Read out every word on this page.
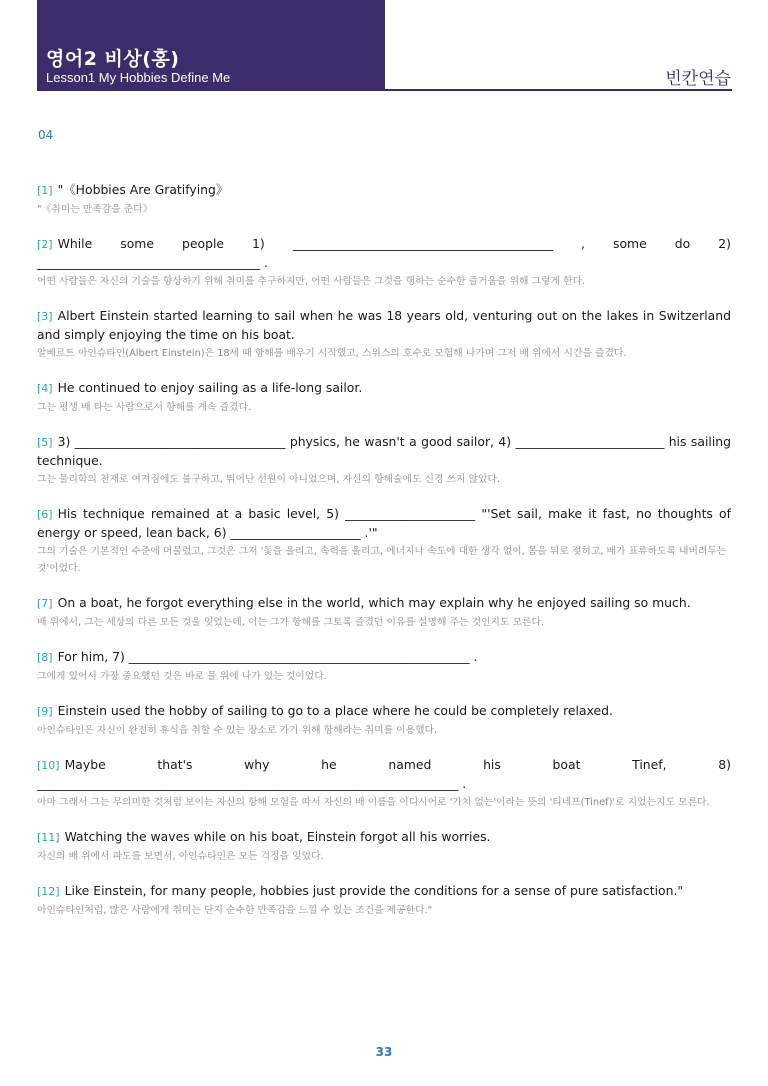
영어2 비상(홍)
Lesson1 My Hobbies Define Me	빈칸연습
04
[1] "《Hobbies Are Gratifying》
"《취미는 만족감을 준다》
[2] While some people 1) __________________________________________ , some do 2) ____________________________________ .
어떤 사람들은 자신의 기술을 향상하기 위해 취미를 추구하지만, 어떤 사람들은 그것을 행하는 순수한 즐거움을 위해 그렇게 한다.
[3] Albert Einstein started learning to sail when he was 18 years old, venturing out on the lakes in Switzerland and simply enjoying the time on his boat.
알베르트 아인슈타인(Albert Einstein)은 18세 때 항해를 배우기 시작했고, 스위스의 호수로 모험해 나가며 그저 배 위에서 시간을 즐겼다.
[4] He continued to enjoy sailing as a life-long sailor.
그는 평생 배 타는 사람으로서 항해를 계속 즐겼다.
[5] 3) __________________________________ physics, he wasn't a good sailor, 4) ________________________ his sailing technique.
그는 물리학의 천재로 여겨짐에도 불구하고, 뛰어난 선원이 아니었으며, 자신의 항해술에도 신경 쓰지 않았다.
[6] His technique remained at a basic level, 5) _____________________ "'Set sail, make it fast, no thoughts of energy or speed, lean back, 6) _____________________ .'"
그의 기술은 기본적인 수준에 머물렀고, 그것은 그저 '돛을 올리고, 속력을 올리고, 에너지나 속도에 대한 생각 없이, 몸을 뒤로 젖히고, 배가 표류하도록 내버려두는 것'이었다.
[7] On a boat, he forgot everything else in the world, which may explain why he enjoyed sailing so much.
배 위에서, 그는 세상의 다른 모든 것을 잊었는데, 이는 그가 항해를 그토록 즐겼던 이유를 설명해 주는 것인지도 모른다.
[8] For him, 7) _______________________________________________________ .
그에게 있어서 가장 중요했던 것은 바로 물 위에 나가 있는 것이었다.
[9] Einstein used the hobby of sailing to go to a place where he could be completely relaxed.
아인슈타인은 자신이 완전히 휴식을 취할 수 있는 장소로 가기 위해 항해라는 취미를 이용했다.
[10] Maybe that's why he named his boat Tinef, 8) ____________________________________________________________________ .
아마 그래서 그는 무의미한 것처럼 보이는 자신의 항해 모험을 따서 자신의 배 이름을 이디시어로 '가치 없는'이라는 뜻의 '티네프(Tinef)'로 지었는지도 모른다.
[11] Watching the waves while on his boat, Einstein forgot all his worries.
자신의 배 위에서 파도를 보면서, 아인슈타인은 모든 걱정을 잊었다.
[12] Like Einstein, for many people, hobbies just provide the conditions for a sense of pure satisfaction."
아인슈타인처럼, 많은 사람에게 취미는 단지 순수한 만족감을 느낄 수 있는 조건을 제공한다."
33
